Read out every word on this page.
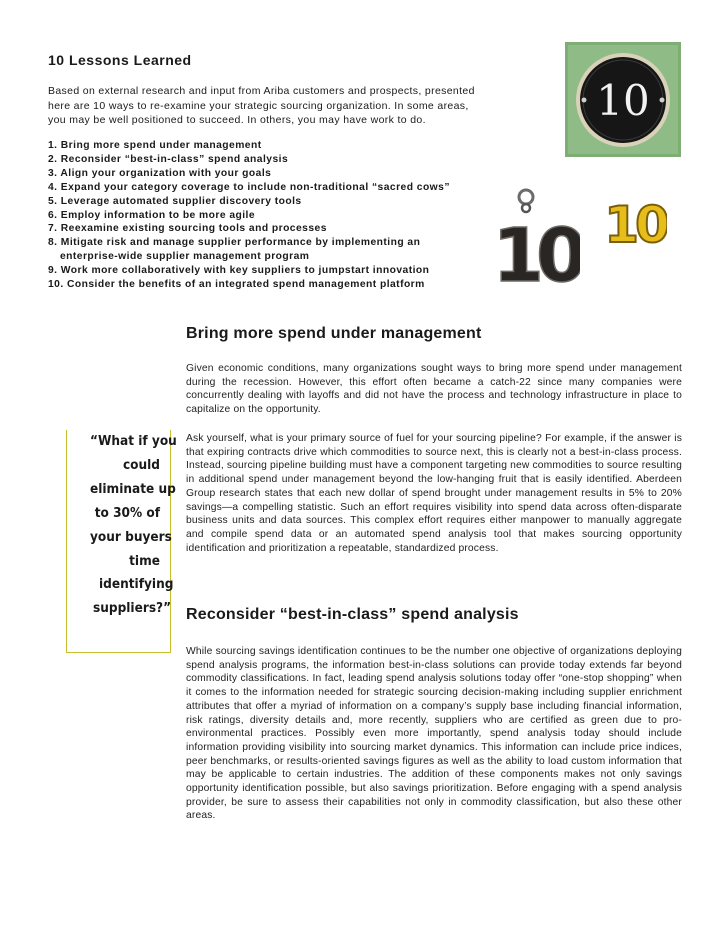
10 Lessons Learned
Based on external research and input from Ariba customers and prospects, presented
here are 10 ways to re-examine your strategic sourcing organization. In some areas,
you may be well positioned to succeed. In others, you may have work to do.
1. Bring more spend under management
2. Reconsider “best-in-class” spend analysis
3. Align your organization with your goals
4. Expand your category coverage to include non-traditional “sacred cows”
5. Leverage automated supplier discovery tools
6. Employ information to be more agile
7. Reexamine existing sourcing tools and processes
8. Mitigate risk and manage supplier performance by implementing an
enterprise-wide supplier management program
9. Work more collaboratively with key suppliers to jumpstart innovation
10. Consider the benefits of an integrated spend management platform
10
10 10
Bring more spend under management
Given economic conditions, many organizations sought ways to bring more spend under management during the recession. However, this effort often became a catch-22 since many companies were concurrently dealing with layoffs and did not have the process and technology infrastructure in place to capitalize on the opportunity.
Ask yourself, what is your primary source of fuel for your sourcing pipeline? For example, if the answer is that expiring contracts drive which commodities to source next, this is clearly not a best-in-class process. Instead, sourcing pipeline building must have a component targeting new commodities to source resulting in additional spend under management beyond the low-hanging fruit that is easily identified. Aberdeen Group research states that each new dollar of spend brought under management results in 5% to 20% savings—a compelling statistic. Such an effort requires visibility into spend data across often-disparate business units and data sources. This complex effort requires either manpower to manually aggregate and compile spend data or an automated spend analysis tool that makes sourcing opportunity identification and prioritization a repeatable, standardized process.
“What if you
could
eliminate up
to 30% of
your buyers
time
identifying
suppliers?” Reconsider “best-in-class” spend analysis
While sourcing savings identification continues to be the number one objective of organizations deploying spend analysis programs, the information best-in-class solutions can provide today extends far beyond commodity classifications. In fact, leading spend analysis solutions today offer “one-stop shopping” when it comes to the information needed for strategic sourcing decision-making including supplier enrichment attributes that offer a myriad of information on a company’s supply base including financial information, risk ratings, diversity details and, more recently, suppliers who are certified as green due to pro-environmental practices. Possibly even more importantly, spend analysis today should include information providing visibility into sourcing market dynamics. This information can include price indices, peer benchmarks, or results-oriented savings figures as well as the ability to load custom information that may be applicable to certain industries. The addition of these components makes not only savings opportunity identification possible, but also savings prioritization. Before engaging with a spend analysis provider, be sure to assess their capabilities not only in commodity classification, but also these other areas.
